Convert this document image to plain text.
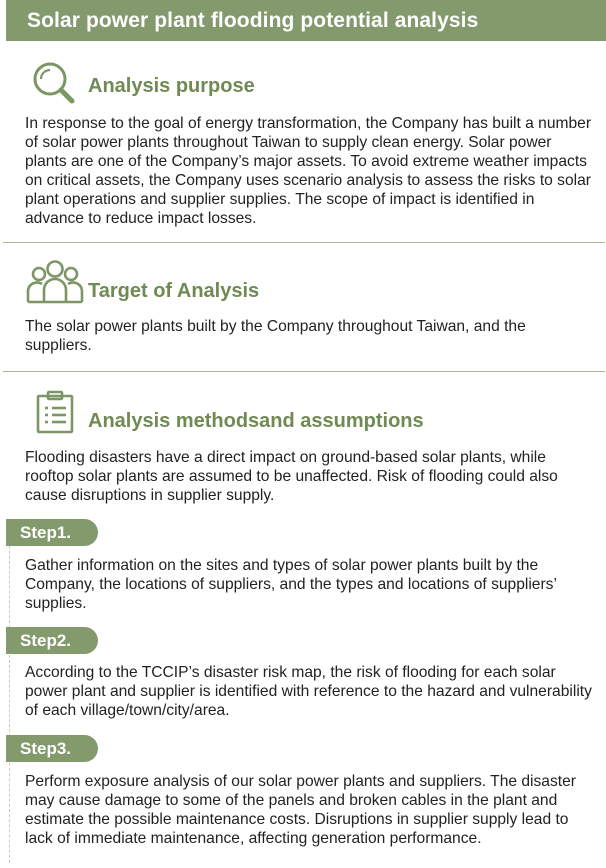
Solar power plant flooding potential analysis
Analysis purpose
In response to the goal of energy transformation, the Company has built a number of solar power plants throughout Taiwan to supply clean energy. Solar power plants are one of the Company’s major assets. To avoid extreme weather impacts on critical assets, the Company uses scenario analysis to assess the risks to solar plant operations and supplier supplies. The scope of impact is identified in advance to reduce impact losses.
Target of Analysis
The solar power plants built by the Company throughout Taiwan, and the suppliers.
Analysis methodsand assumptions
Flooding disasters have a direct impact on ground-based solar plants, while rooftop solar plants are assumed to be unaffected. Risk of flooding could also cause disruptions in supplier supply.
Step1.
Gather information on the sites and types of solar power plants built by the Company, the locations of suppliers, and the types and locations of suppliers’ supplies.
Step2.
According to the TCCIP’s disaster risk map, the risk of flooding for each solar power plant and supplier is identified with reference to the hazard and vulnerability of each village/town/city/area.
Step3.
Perform exposure analysis of our solar power plants and suppliers. The disaster may cause damage to some of the panels and broken cables in the plant and estimate the possible maintenance costs. Disruptions in supplier supply lead to lack of immediate maintenance, affecting generation performance.
